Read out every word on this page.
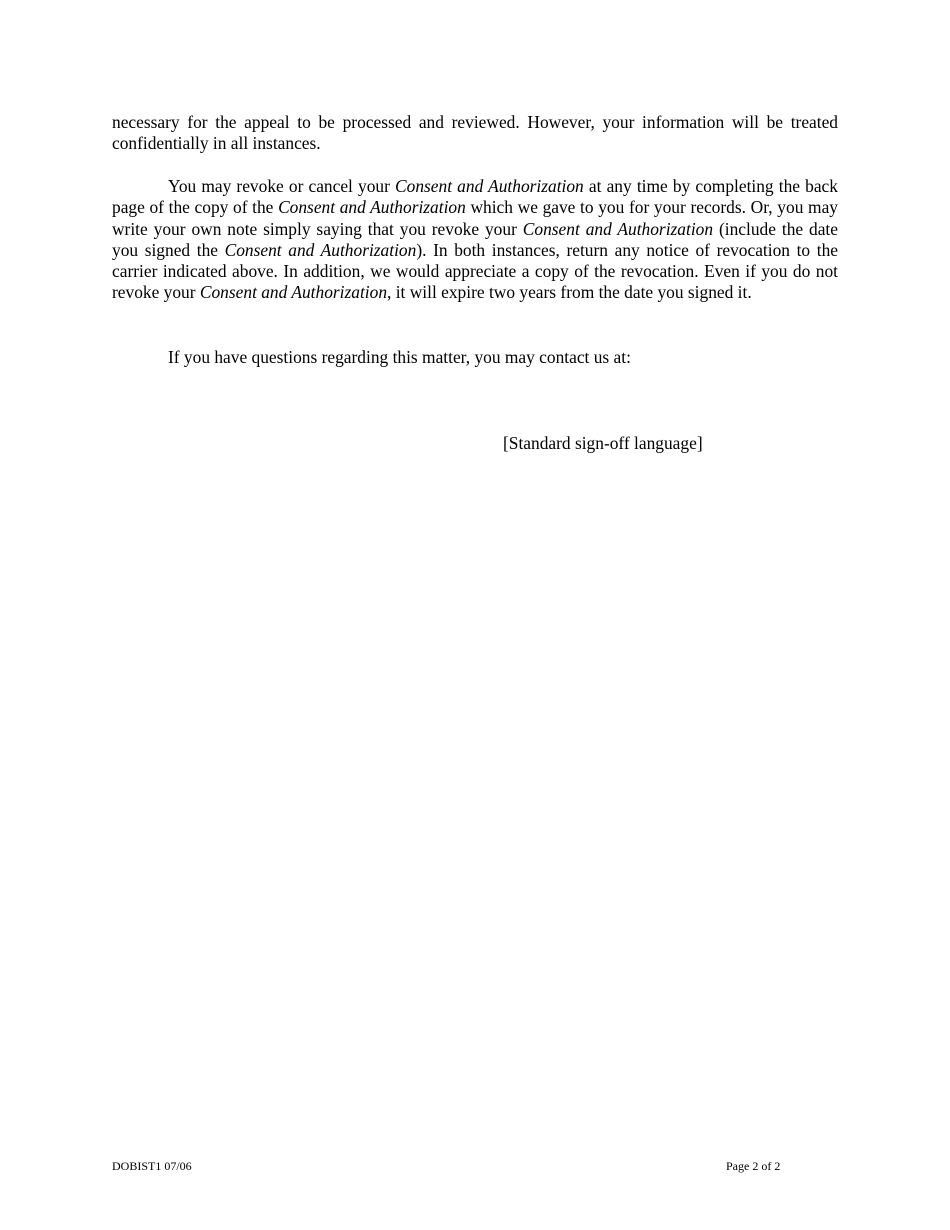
necessary for the appeal to be processed and reviewed. However, your information will be treated confidentially in all instances.

You may revoke or cancel your Consent and Authorization at any time by completing the back page of the copy of the Consent and Authorization which we gave to you for your records. Or, you may write your own note simply saying that you revoke your Consent and Authorization (include the date you signed the Consent and Authorization). In both instances, return any notice of revocation to the carrier indicated above. In addition, we would appreciate a copy of the revocation. Even if you do not revoke your Consent and Authorization, it will expire two years from the date you signed it.

If you have questions regarding this matter, you may contact us at:

[Standard sign-off language]

DOBIST1 07/06	Page 2 of 2
